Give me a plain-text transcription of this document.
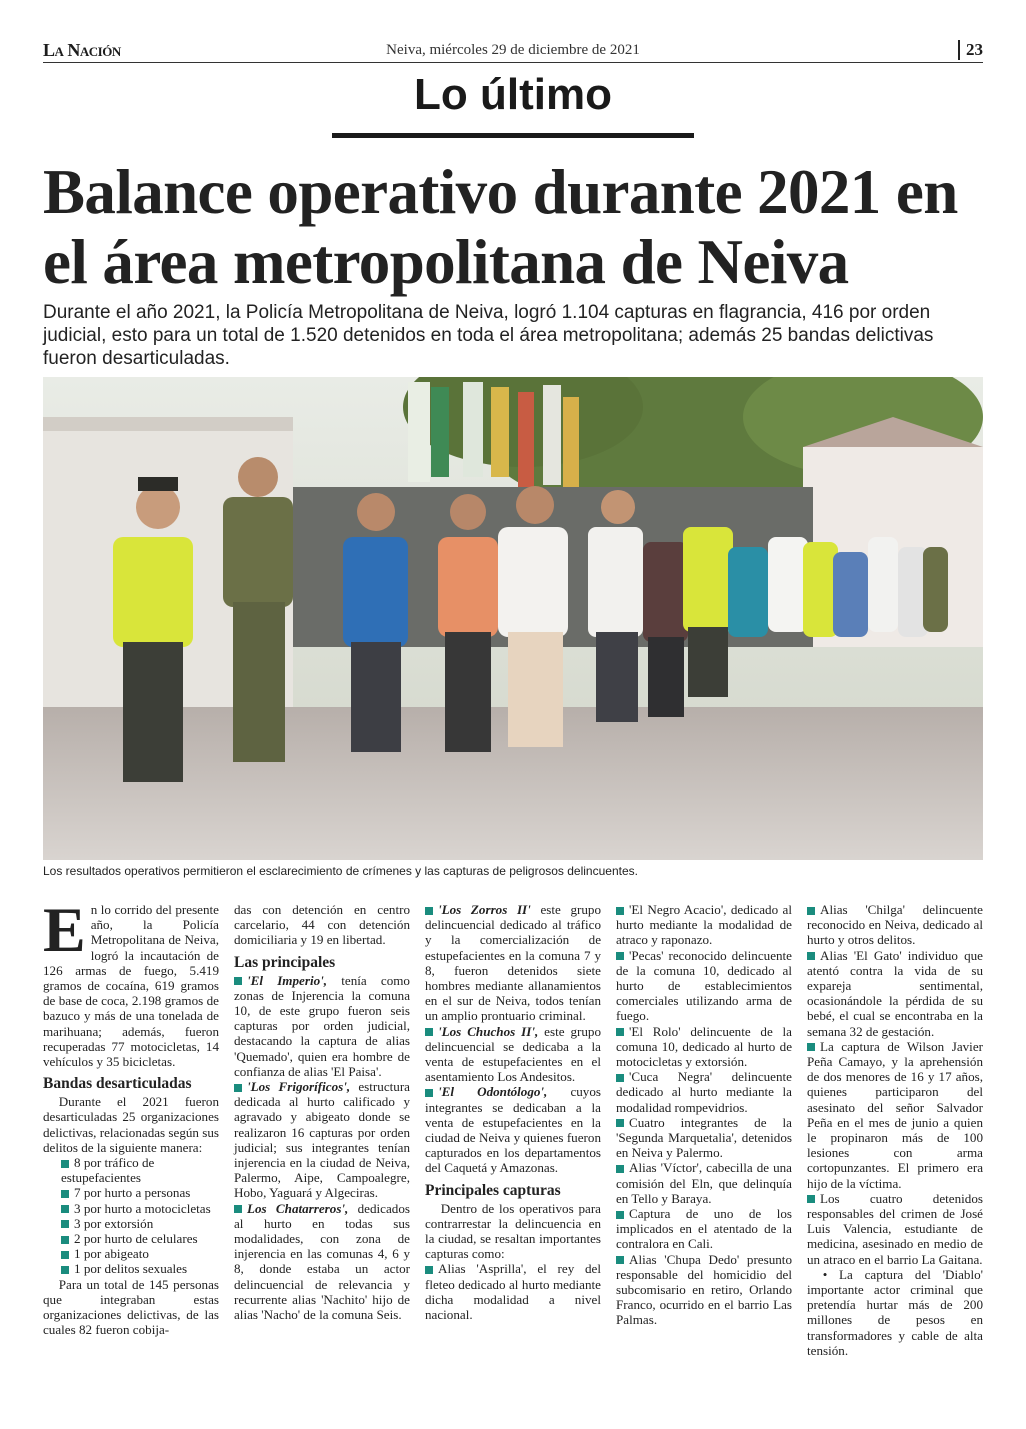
La Nación	Neiva, miércoles 29 de diciembre de 2021	23
Lo último
Balance operativo durante 2021 en el área metropolitana de Neiva

Durante el año 2021, la Policía Metropolitana de Neiva, logró 1.104 capturas en flagrancia, 416 por orden judicial, esto para un total de 1.520 detenidos en toda el área metropolitana; además 25 bandas delictivas fueron desarticuladas.

Los resultados operativos permitieron el esclarecimiento de crímenes y las capturas de peligrosos delincuentes.

En lo corrido del presente año, la Policía Metropolitana de Neiva, logró la incautación de 126 armas de fuego, 5.419 gramos de cocaína, 619 gramos de base de coca, 2.198 gramos de bazuco y más de una tonelada de marihuana; además, fueron recuperadas 77 motocicletas, 14 vehículos y 35 bicicletas.

Bandas desarticuladas

Durante el 2021 fueron desarticuladas 25 organizaciones delictivas, relacionadas según sus delitos de la siguiente manera:

8 por tráfico de estupefacientes
7 por hurto a personas
3 por hurto a motocicletas
3 por extorsión
2 por hurto de celulares
1 por abigeato
1 por delitos sexuales

Para un total de 145 personas que integraban estas organizaciones delictivas, de las cuales 82 fueron cobija-

das con detención en centro carcelario, 44 con detención domiciliaria y 19 en libertad.

Las principales

'El Imperio', tenía como zonas de Injerencia la comuna 10, de este grupo fueron seis capturas por orden judicial, destacando la captura de alias 'Quemado', quien era hombre de confianza de alias 'El Paisa'.

'Los Frigoríficos', estructura dedicada al hurto calificado y agravado y abigeato donde se realizaron 16 capturas por orden judicial; sus integrantes tenían injerencia en la ciudad de Neiva, Palermo, Aipe, Campoalegre, Hobo, Yaguará y Algeciras.

Los Chatarreros', dedicados al hurto en todas sus modalidades, con zona de injerencia en las comunas 4, 6 y 8, donde estaba un actor delincuencial de relevancia y recurrente alias 'Nachito' hijo de alias 'Nacho' de la comuna Seis.

'Los Zorros II' este grupo delincuencial dedicado al tráfico y la comercialización de estupefacientes en la comuna 7 y 8, fueron detenidos siete hombres mediante allanamientos en el sur de Neiva, todos tenían un amplio prontuario criminal.

'Los Chuchos II', este grupo delincuencial se dedicaba a la venta de estupefacientes en el asentamiento Los Andesitos.

'El Odontólogo', cuyos integrantes se dedicaban a la venta de estupefacientes en la ciudad de Neiva y quienes fueron capturados en los departamentos del Caquetá y Amazonas.

Principales capturas

Dentro de los operativos para contrarrestar la delincuencia en la ciudad, se resaltan importantes capturas como:

Alias 'Asprilla', el rey del fleteo dedicado al hurto mediante dicha modalidad a nivel nacional.

'El Negro Acacio', dedicado al hurto mediante la modalidad de atraco y raponazo.

'Pecas' reconocido delincuente de la comuna 10, dedicado al hurto de establecimientos comerciales utilizando arma de fuego.

'El Rolo' delincuente de la comuna 10, dedicado al hurto de motocicletas y extorsión.

'Cuca Negra' delincuente dedicado al hurto mediante la modalidad rompevidrios.

Cuatro integrantes de la 'Segunda Marquetalia', detenidos en Neiva y Palermo.

Alias 'Víctor', cabecilla de una comisión del Eln, que delinquía en Tello y Baraya.

Captura de uno de los implicados en el atentado de la contralora en Cali.

Alias 'Chupa Dedo' presunto responsable del homicidio del subcomisario en retiro, Orlando Franco, ocurrido en el barrio Las Palmas.

Alias 'Chilga' delincuente reconocido en Neiva, dedicado al hurto y otros delitos.

Alias 'El Gato' individuo que atentó contra la vida de su expareja sentimental, ocasionándole la pérdida de su bebé, el cual se encontraba en la semana 32 de gestación.

La captura de Wilson Javier Peña Camayo, y la aprehensión de dos menores de 16 y 17 años, quienes participaron del asesinato del señor Salvador Peña en el mes de junio a quien le propinaron más de 100 lesiones con arma cortopunzantes. El primero era hijo de la víctima.

Los cuatro detenidos responsables del crimen de José Luis Valencia, estudiante de medicina, asesinado en medio de un atraco en el barrio La Gaitana.

• La captura del 'Diablo' importante actor criminal que pretendía hurtar más de 200 millones de pesos en transformadores y cable de alta tensión.
